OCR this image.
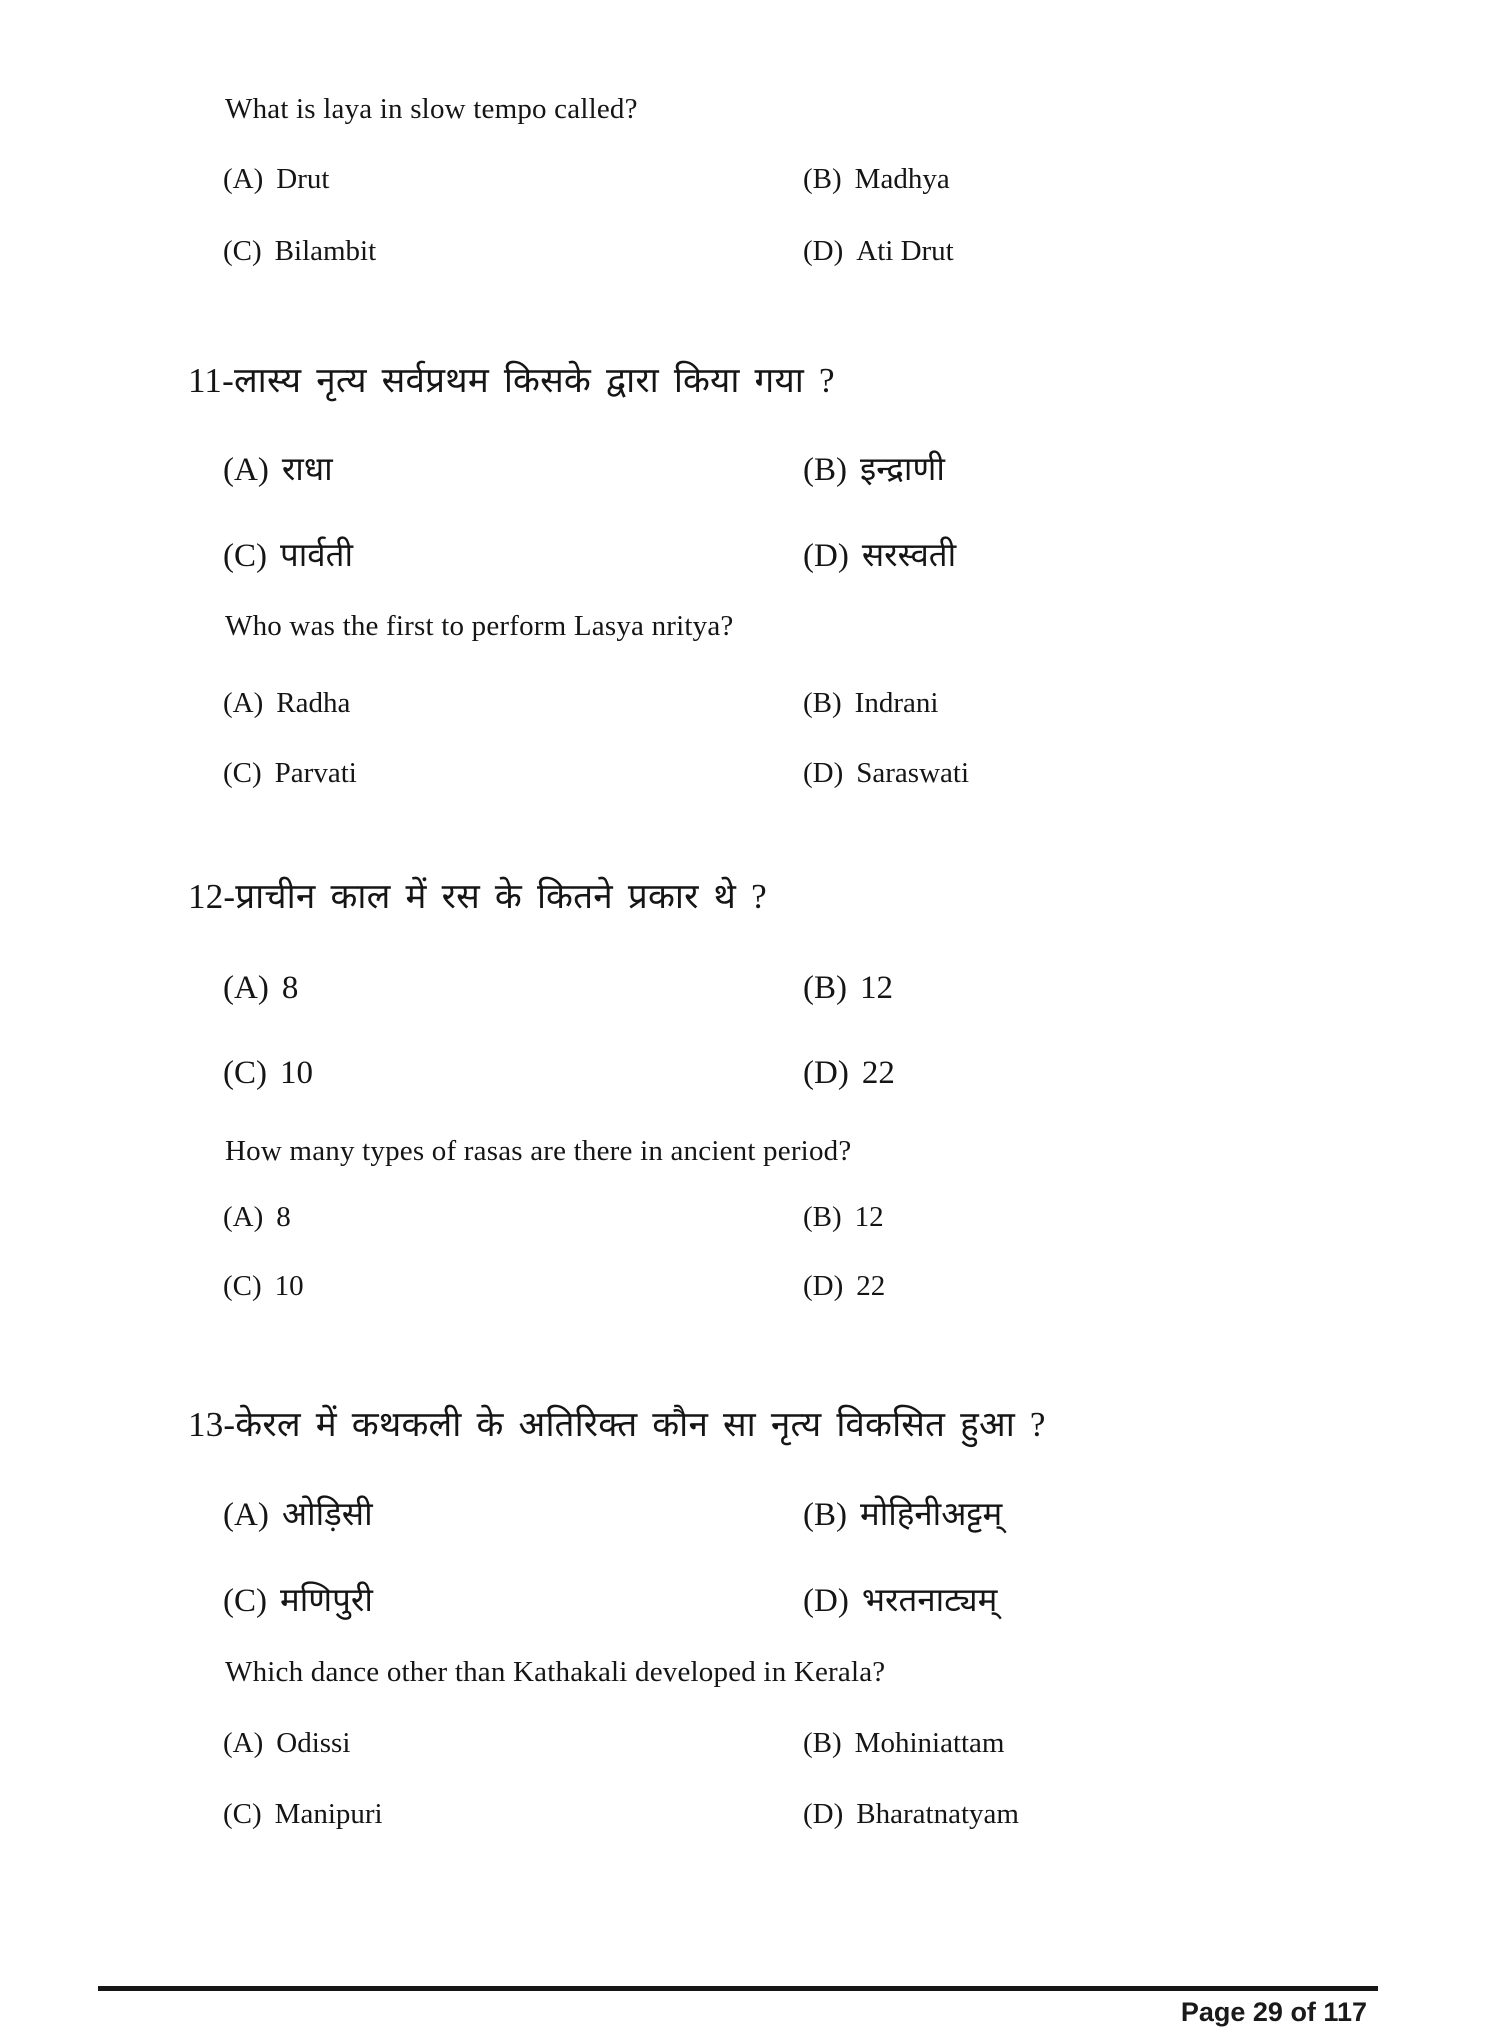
What is laya in slow tempo called?
(A) Drut	(B) Madhya
(C) Bilambit	(D) Ati Drut
11-लास्य नृत्य सर्वप्रथम किसके द्वारा किया गया ?
(A) राधा	(B) इन्द्राणी
(C) पार्वती	(D) सरस्वती
Who was the first to perform Lasya nritya?
(A) Radha	(B) Indrani
(C) Parvati	(D) Saraswati
12-प्राचीन काल में रस के कितने प्रकार थे ?
(A) 8	(B) 12
(C) 10	(D) 22
How many types of rasas are there in ancient period?
(A) 8	(B) 12
(C) 10	(D) 22
13-केरल में कथकली के अतिरिक्त कौन सा नृत्य विकसित हुआ ?
(A) ओड़िसी	(B) मोहिनीअट्टम्
(C) मणिपुरी	(D) भरतनाट्यम्
Which dance other than Kathakali developed in Kerala?
(A) Odissi	(B) Mohiniattam
(C) Manipuri	(D) Bharatnatyam
Page 29 of 117
